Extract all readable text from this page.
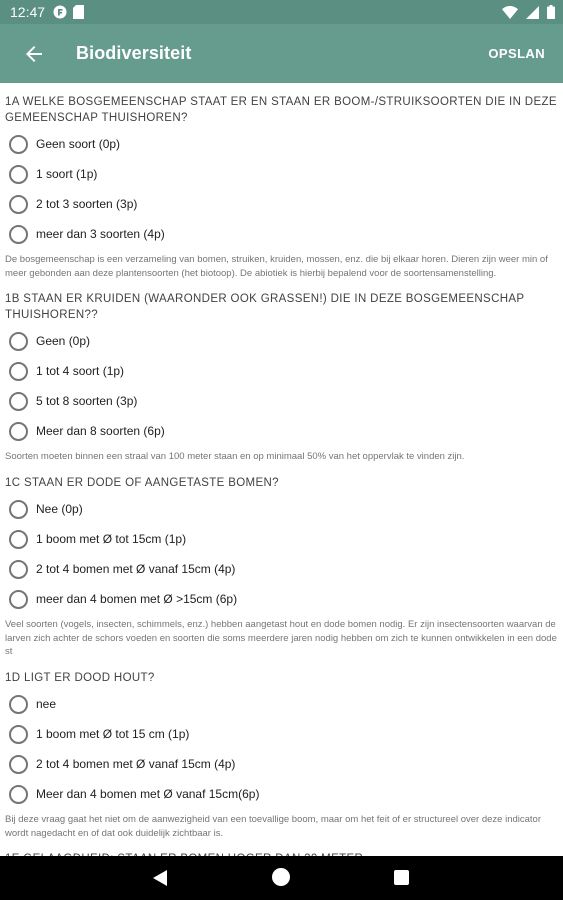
12:47
Biodiversiteit	OPSLAN
1A WELKE BOSGEMEENSCHAP STAAT ER EN STAAN ER BOOM-/STRUIKSOORTEN DIE IN DEZE GEMEENSCHAP THUISHOREN?
Geen soort (0p)
1 soort (1p)
2 tot 3 soorten (3p)
meer dan 3 soorten (4p)
De bosgemeenschap is een verzameling van bomen, struiken, kruiden, mossen, enz. die bij elkaar horen. Dieren zijn weer min of meer gebonden aan deze plantensoorten (het biotoop). De abiotiek is hierbij bepalend voor de soortensamenstelling.
1B STAAN ER KRUIDEN (WAARONDER OOK GRASSEN!) DIE IN DEZE BOSGEMEENSCHAP THUISHOREN??
Geen (0p)
1 tot 4 soort (1p)
5 tot 8 soorten (3p)
Meer dan 8 soorten (6p)
Soorten moeten binnen een straal van 100 meter staan en op minimaal 50% van het oppervlak te vinden zijn.
1C STAAN ER DODE OF AANGETASTE BOMEN?
Nee (0p)
1 boom met Ø tot 15cm (1p)
2 tot 4 bomen met Ø vanaf 15cm (4p)
meer dan 4 bomen met Ø >15cm (6p)
Veel soorten (vogels, insecten, schimmels, enz.) hebben aangetast hout en dode bomen nodig. Er zijn insectensoorten waarvan de larven zich achter de schors voeden en soorten die soms meerdere jaren nodig hebben om zich te kunnen ontwikkelen in een dode st
1D LIGT ER DOOD HOUT?
nee
1 boom met Ø tot 15 cm (1p)
2 tot 4 bomen met Ø vanaf 15cm (4p)
Meer dan 4 bomen met Ø vanaf 15cm(6p)
Bij deze vraag gaat het niet om de aanwezigheid van een toevallige boom, maar om het feit of er structureel over deze indicator wordt nagedacht en of dat ook duidelijk zichtbaar is.
